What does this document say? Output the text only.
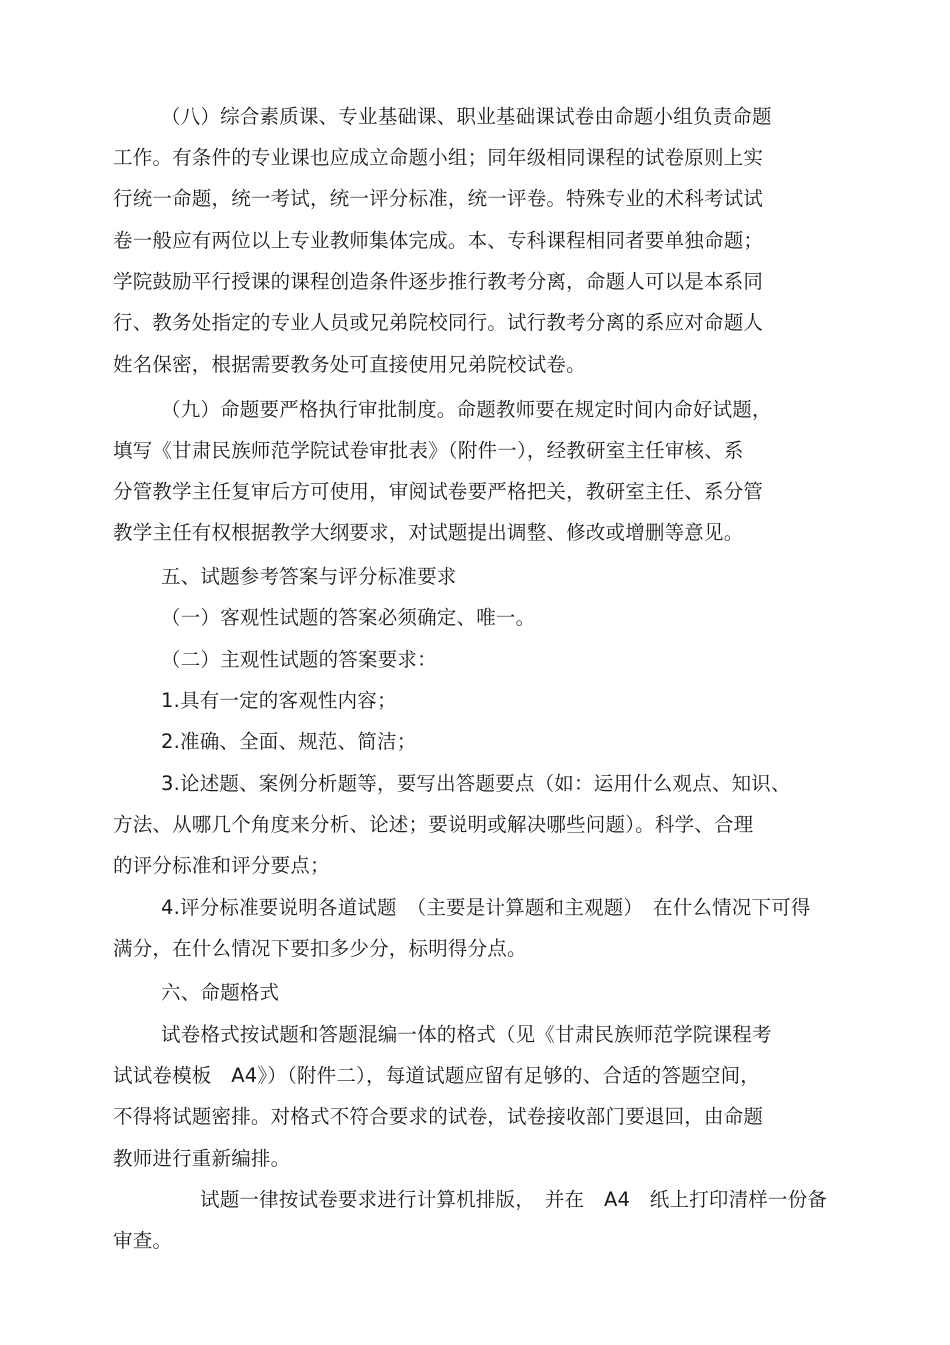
（八）综合素质课、专业基础课、职业基础课试卷由命题小组负责命题
工作。有条件的专业课也应成立命题小组；同年级相同课程的试卷原则上实
行统一命题，统一考试，统一评分标准，统一评卷。特殊专业的术科考试试
卷一般应有两位以上专业教师集体完成。本、专科课程相同者要单独命题；
学院鼓励平行授课的课程创造条件逐步推行教考分离，命题人可以是本系同
行、教务处指定的专业人员或兄弟院校同行。试行教考分离的系应对命题人
姓名保密，根据需要教务处可直接使用兄弟院校试卷。
（九）命题要严格执行审批制度。命题教师要在规定时间内命好试题，
填写《甘肃民族师范学院试卷审批表》（附件一），经教研室主任审核、系
分管教学主任复审后方可使用，审阅试卷要严格把关，教研室主任、系分管
教学主任有权根据教学大纲要求，对试题提出调整、修改或增删等意见。
五、试题参考答案与评分标准要求
（一）客观性试题的答案必须确定、唯一。
（二）主观性试题的答案要求：
1.具有一定的客观性内容；
2.准确、全面、规范、简洁；
3.论述题、案例分析题等，要写出答题要点（如：运用什么观点、知识、
方法、从哪几个角度来分析、论述；要说明或解决哪些问题）。科学、合理
的评分标准和评分要点；
4.评分标准要说明各道试题　（主要是计算题和主观题）　在什么情况下可得
满分，在什么情况下要扣多少分，标明得分点。
六、命题格式
试卷格式按试题和答题混编一体的格式（见《甘肃民族师范学院课程考
试试卷模板　A4》）（附件二），每道试题应留有足够的、合适的答题空间，
不得将试题密排。对格式不符合要求的试卷，试卷接收部门要退回，由命题
教师进行重新编排。
试题一律按试卷要求进行计算机排版，　并在　A4　纸上打印清样一份备
审查。
